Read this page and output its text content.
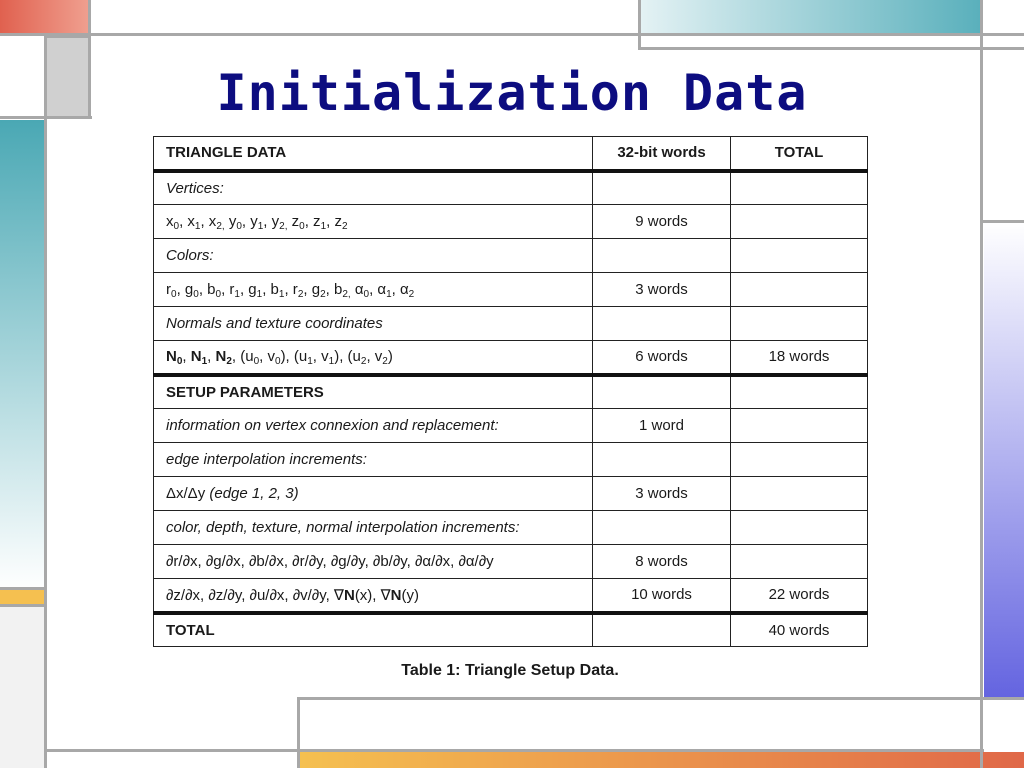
Initialization Data
TRIANGLE DATA	32-bit words	TOTAL
Vertices:		
$x_0$, $x_1$, $x_{2,}$ $y_0$, $y_1$, $y_{2,}$ $z_0$, $z_1$, $z_2$	9 words	
Colors:		
$r_0$, $g_0$, $b_0$, $r_1$, $g_1$, $b_1$, $r_2$, $g_2$, $b_{2,}$ $\alpha_0$, $\alpha_1$, $\alpha_2$	3 words	
Normals and texture coordinates		
$N_0$, $N_1$, $N_2$, ($u_0$, $v_0$), ($u_1$, $v_1$), ($u_2$, $v_2$)	6 words	18 words
SETUP PARAMETERS		
information on vertex connexion and replacement:	1 word	
edge interpolation increments:		
Δx/Δy (edge 1, 2, 3)	3 words	
color, depth, texture, normal interpolation increments:		
∂r/∂x, ∂g/∂x, ∂b/∂x, ∂r/∂y, ∂g/∂y, ∂b/∂y, ∂α/∂x, ∂α/∂y	8 words	
∂z/∂x, ∂z/∂y, ∂u/∂x, ∂v/∂y, ∇N(x), ∇N(y)	10 words	22 words
TOTAL		40 words
Table 1: Triangle Setup Data.
